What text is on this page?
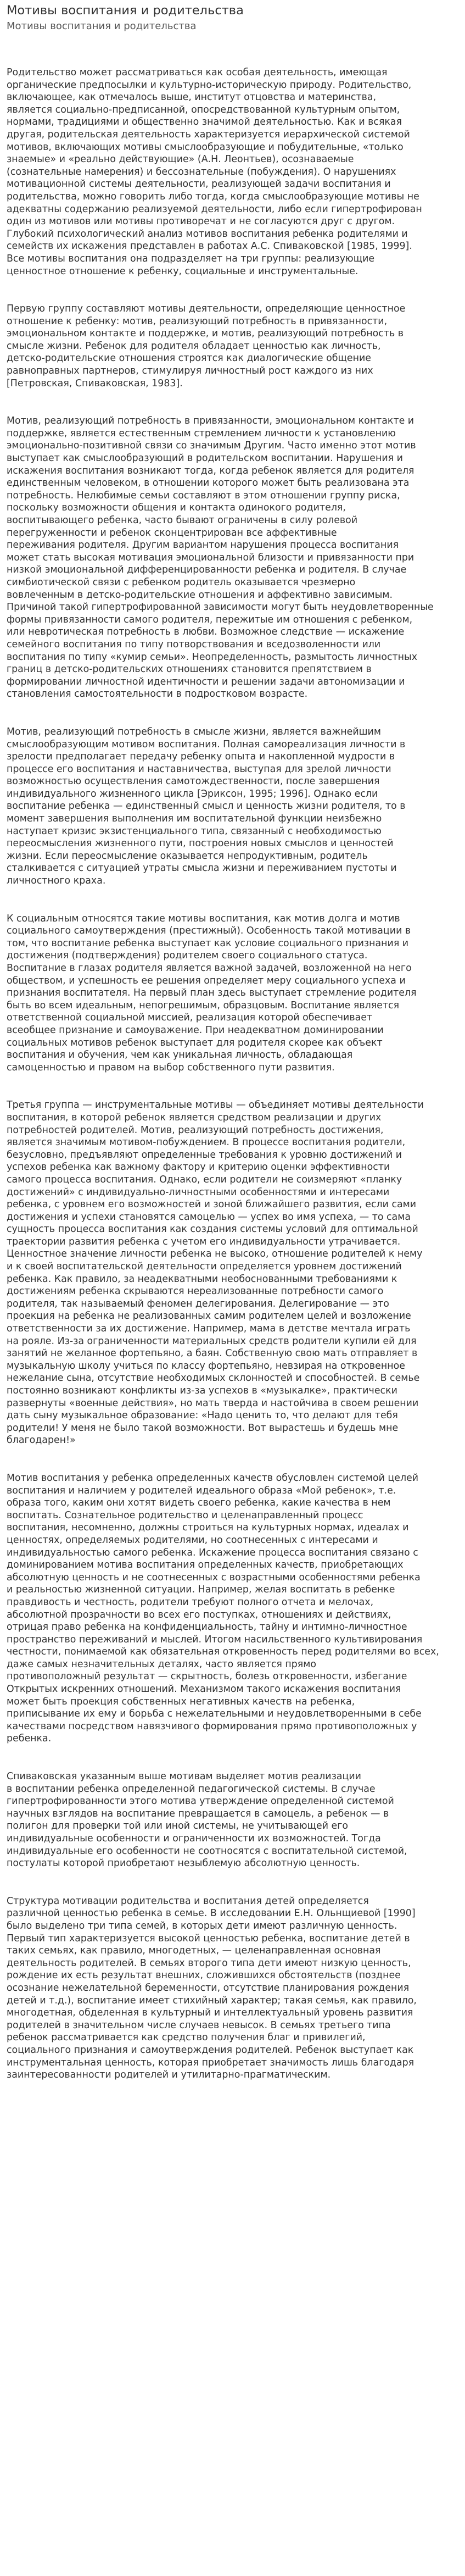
Мотивы воспитания и родительства
Мотивы воспитания и родительства

Родительство может рассматриваться как особая деятельность, имеющая
органические предпосылки и культурно-историческую природу. Родительство,
включающее, как отмечалось выше, институт отцовства и материнства,
является социально-предписанной, опосредствованной культурным опытом,
нормами, традициями и общественно значимой деятельностью. Как и всякая
другая, родительская деятельность характеризуется иерархической системой
мотивов, включающих мотивы смыслообразующие и побудительные, «только
знаемые» и «реально действующие» (А.Н. Леонтьев), осознаваемые
(сознательные намерения) и бессознательные (побуждения). О нарушениях
мотивационной системы деятельности, реализующей задачи воспитания и
родительства, можно говорить либо тогда, когда смыслообразующие мотивы не
адекватны содержанию реализуемой деятельности, либо если гипертрофирован
один из мотивов или мотивы противоречат и не согласуются друг с другом.
Глубокий психологический анализ мотивов воспитания ребенка родителями и
семейств их искажения представлен в работах А.С. Спиваковской [1985, 1999].
Все мотивы воспитания она подразделяет на три группы: реализующие
ценностное отношение к ребенку, социальные и инструментальные.

Первую группу составляют мотивы деятельности, определяющие ценностное
отношение к ребенку: мотив, реализующий потребность в привязанности,
эмоциональном контакте и поддержке, и мотив, реализующий потребность в
смысле жизни. Ребенок для родителя обладает ценностью как личность,
детско-родительские отношения строятся как диалогические общение
равноправных партнеров, стимулируя личностный рост каждого из них
[Петровская, Спиваковская, 1983].

Мотив, реализующий потребность в привязанности, эмоциональном контакте и
поддержке, является естественным стремлением личности к установлению
эмоционально-позитивной связи со значимым Другим. Часто именно этот мотив
выступает как смыслообразующий в родительском воспитании. Нарушения и
искажения воспитания возникают тогда, когда ребенок является для родителя
единственным человеком, в отношении которого может быть реализована эта
потребность. Нелюбимые семьи составляют в этом отношении группу риска,
поскольку возможности общения и контакта одинокого родителя,
воспитывающего ребенка, часто бывают ограничены в силу ролевой
перегруженности и ребенок сконцентрирован все аффективные
переживания родителя. Другим вариантом нарушения процесса воспитания
может стать высокая мотивация эмоциональной близости и привязанности при
низкой эмоциональной дифференцированности ребенка и родителя. В случае
симбиотической связи с ребенком родитель оказывается чрезмерно
вовлеченным в детско-родительские отношения и аффективно зависимым.
Причиной такой гипертрофированной зависимости могут быть неудовлетворенные
формы привязанности самого родителя, пережитые им отношения с ребенком,
или невротическая потребность в любви. Возможное следствие — искажение
семейного воспитания по типу потворствования и вседозволенности или
воспитания по типу «кумир семьи». Неопределенность, размытость личностных
границ в детско-родительских отношениях становится препятствием в
формировании личностной идентичности и решении задачи автономизации и
становления самостоятельности в подростковом возрасте.

Мотив, реализующий потребность в смысле жизни, является важнейшим
смыслообразующим мотивом воспитания. Полная самореализация личности в
зрелости предполагает передачу ребенку опыта и накопленной мудрости в
процессе его воспитания и наставничества, выступая для зрелой личности
возможностью осуществления самотождественности, после завершения
индивидуального жизненного цикла [Эриксон, 1995; 1996]. Однако если
воспитание ребенка — единственный смысл и ценность жизни родителя, то в
момент завершения выполнения им воспитательной функции неизбежно
наступает кризис экзистенциального типа, связанный с необходимостью
переосмысления жизненного пути, построения новых смыслов и ценностей
жизни. Если переосмысление оказывается непродуктивным, родитель
сталкивается с ситуацией утраты смысла жизни и переживанием пустоты и
личностного краха.

К социальным относятся такие мотивы воспитания, как мотив долга и мотив
социального самоутверждения (престижный). Особенность такой мотивации в
том, что воспитание ребенка выступает как условие социального признания и
достижения (подтверждения) родителем своего социального статуса.
Воспитание в глазах родителя является важной задачей, возложенной на него
обществом, и успешность ее решения определяет меру социального успеха и
признания воспитателя. На первый план здесь выступает стремление родителя
быть во всем идеальным, непогрешимым, образцовым. Воспитание является
ответственной социальной миссией, реализация которой обеспечивает
всеобщее признание и самоуважение. При неадекватном доминировании
социальных мотивов ребенок выступает для родителя скорее как объект
воспитания и обучения, чем как уникальная личность, обладающая
самоценностью и правом на выбор собственного пути развития.

Третья группа — инструментальные мотивы — объединяет мотивы деятельности
воспитания, в которой ребенок является средством реализации и других
потребностей родителей. Мотив, реализующий потребность достижения,
является значимым мотивом-побуждением. В процессе воспитания родители,
безусловно, предъявляют определенные требования к уровню достижений и
успехов ребенка как важному фактору и критерию оценки эффективности
самого процесса воспитания. Однако, если родители не соизмеряют «планку
достижений» с индивидуально-личностными особенностями и интересами
ребенка, с уровнем его возможностей и зоной ближайшего развития, если сами
достижения и успехи становятся самоцелью — успех во имя успеха, — то сама
сущность процесса воспитания как создания системы условий для оптимальной
траектории развития ребенка с учетом его индивидуальности утрачивается.
Ценностное значение личности ребенка не высоко, отношение родителей к нему
и к своей воспитательской деятельности определяется уровнем достижений
ребенка. Как правило, за неадекватными необоснованными требованиями к
достижениям ребенка скрываются нереализованные потребности самого
родителя, так называемый феномен делегирования. Делегирование — это
проекция на ребенка не реализованных самим родителем целей и возложение
ответственности за их достижение. Например, мама в детстве мечтала играть
на рояле. Из-за ограниченности материальных средств родители купили ей для
занятий не желанное фортепьяно, а баян. Собственную свою мать отправляет в
музыкальную школу учиться по классу фортепьяно, невзирая на откровенное
нежелание сына, отсутствие необходимых склонностей и способностей. В семье
постоянно возникают конфликты из-за успехов в «музыкалке», практически
развернуты «военные действия», но мать тверда и настойчива в своем решении
дать сыну музыкальное образование: «Надо ценить то, что делают для тебя
родители! У меня не было такой возможности. Вот вырастешь и будешь мне
благодарен!»

Мотив воспитания у ребенка определенных качеств обусловлен системой целей
воспитания и наличием у родителей идеального образа «Мой ребенок», т.е.
образа того, каким они хотят видеть своего ребенка, какие качества в нем
воспитать. Сознательное родительство и целенаправленный процесс
воспитания, несомненно, должны строиться на культурных нормах, идеалах и
ценностях, определяемых родителями, но соотнесенных с интересами и
индивидуальностью самого ребенка. Искажение процесса воспитания связано с
доминированием мотива воспитания определенных качеств, приобретающих
абсолютную ценность и не соотнесенных с возрастными особенностями ребенка
и реальностью жизненной ситуации. Например, желая воспитать в ребенке
правдивость и честность, родители требуют полного отчета и мелочах,
абсолютной прозрачности во всех его поступках, отношениях и действиях,
отрицая право ребенка на конфиденциальность, тайну и интимно-личностное
пространство переживаний и мыслей. Итогом насильственного культивирования
честности, понимаемой как обязательная откровенность перед родителями во всех,
даже самых незначительных деталях, часто является прямо
противоположный результат — скрытность, болезь откровенности, избегание
Открытых искренних отношений. Механизмом такого искажения воспитания
может быть проекция собственных негативных качеств на ребенка,
приписывание их ему и борьба с нежелательными и неудовлетворенными в себе
качествами посредством навязчивого формирования прямо противоположных у
ребенка.

Спиваковская указанным выше мотивам выделяет мотив реализации
в воспитании ребенка определенной педагогической системы. В случае
гипертрофированности этого мотива утверждение определенной системой
научных взглядов на воспитание превращается в самоцель, а ребенок — в
полигон для проверки той или иной системы, не учитывающей его
индивидуальные особенности и ограниченности их возможностей. Тогда
индивидуальные его особенности не соотносятся с воспитательной системой,
постулаты которой приобретают незыблемую абсолютную ценность.

Структура мотивации родительства и воспитания детей определяется
различной ценностью ребенка в семье. В исследовании Е.Н. Ольнщиевой [1990]
было выделено три типа семей, в которых дети имеют различную ценность.
Первый тип характеризуется высокой ценностью ребенка, воспитание детей в
таких семьях, как правило, многодетных, — целенаправленная основная
деятельность родителей. В семьях второго типа дети имеют низкую ценность,
рождение их есть результат внешних, сложившихся обстоятельств (позднее
осознание нежелательной беременности, отсутствие планирования рождения
детей и т.д.), воспитание имеет стихийный характер; такая семья, как правило,
многодетная, обделенная в культурный и интеллектуальный уровень развития
родителей в значительном числе случаев невысок. В семьях третьего типа
ребенок рассматривается как средство получения благ и привилегий,
социального признания и самоутверждения родителей. Ребенок выступает как
инструментальная ценность, которая приобретает значимость лишь благодаря
заинтересованности родителей и утилитарно-прагматическим.
